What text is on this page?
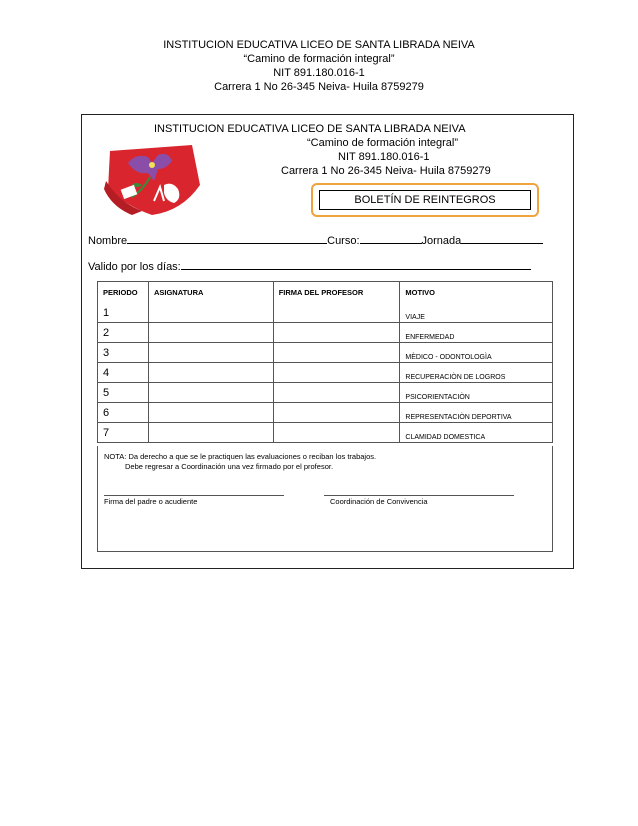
INSTITUCION EDUCATIVA LICEO DE SANTA LIBRADA NEIVA
“Camino de formación integral”
NIT 891.180.016-1
Carrera 1 No 26-345 Neiva- Huila 8759279
INSTITUCION EDUCATIVA LICEO DE SANTA LIBRADA NEIVA
“Camino de formación integral”
NIT 891.180.016-1
Carrera 1 No 26-345 Neiva- Huila 8759279
BOLETÍN DE REINTEGROS
Nombre	Curso:	Jornada
Valido por los días:
PERIODO	ASIGNATURA	FIRMA DEL PROFESOR	MOTIVO
1			VIAJE

2			ENFERMEDAD

3			MÈDICO - ODONTOLOGÌA

4			RECUPERACIÒN DE LOGROS

5			PSICORIENTACIÒN

6			REPRESENTACIÒN DEPORTIVA

7			CLAMIDAD DOMESTICA
NOTA: Da derecho a que se le practiquen las evaluaciones o reciban los trabajos.
Debe regresar a Coordinación una vez firmado por el profesor.
Firma del padre o acudiente	Coordinación de Convivencia
